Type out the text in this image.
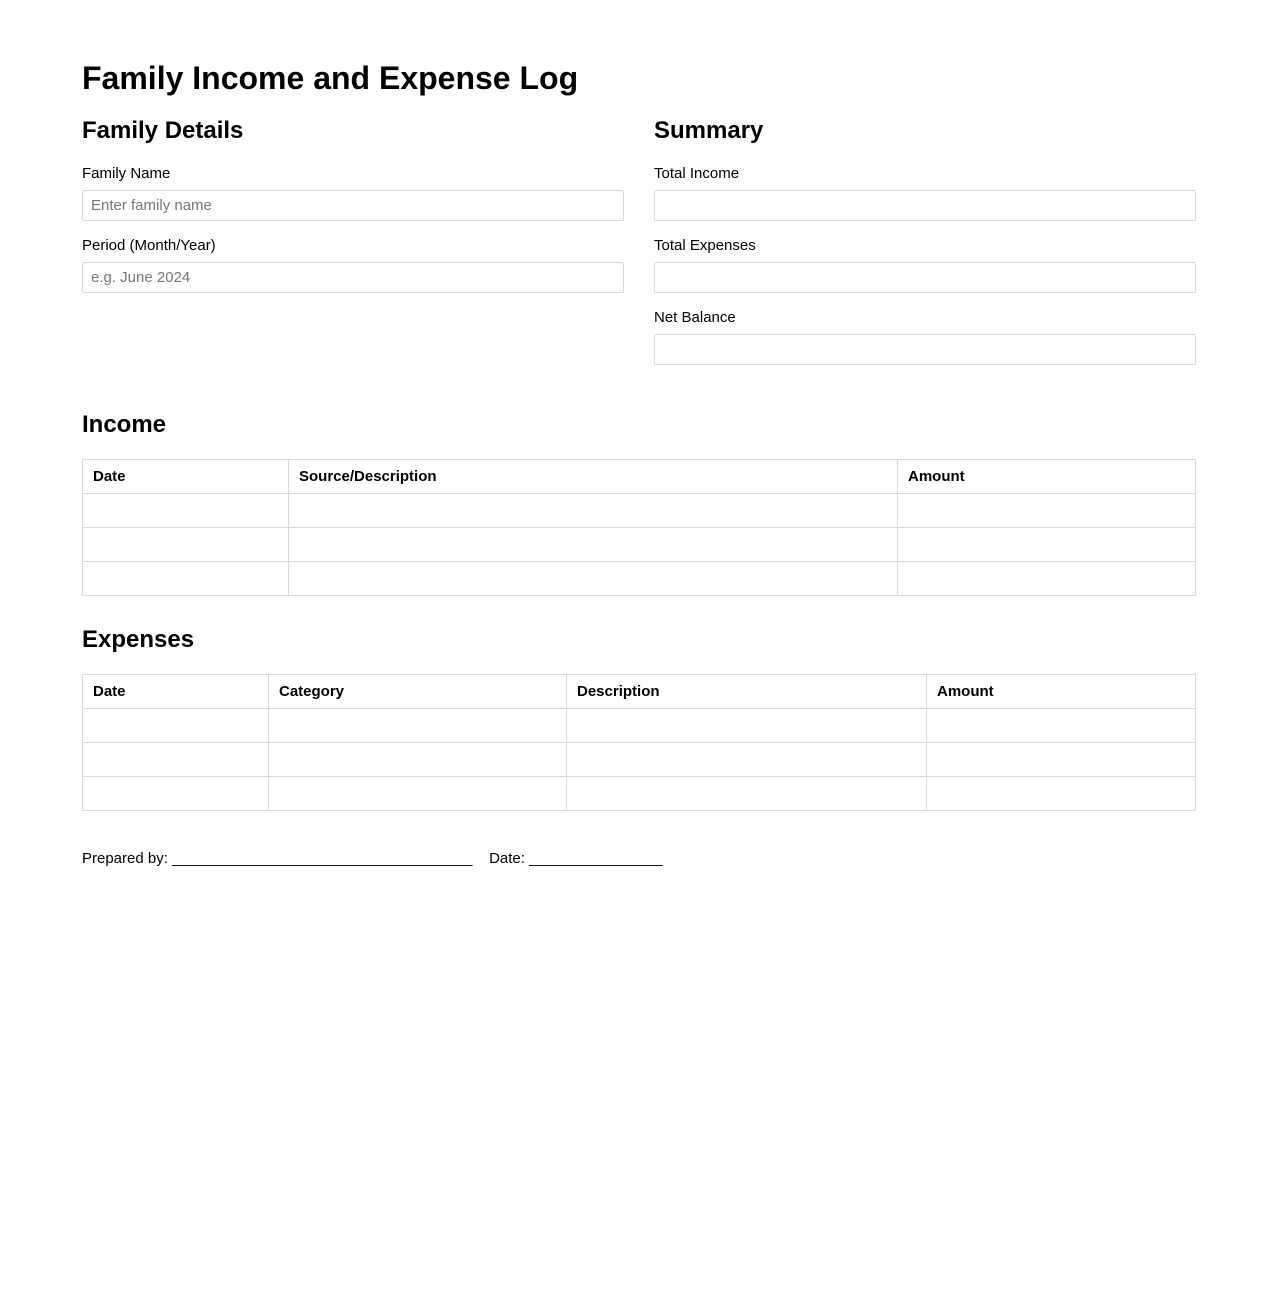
Family Income and Expense Log
Family Details
Family Name
Enter family name
Period (Month/Year)
e.g. June 2024
Summary
Total Income
Total Expenses
Net Balance
Income
Date	Source/Description	Amount

Expenses
Date	Category	Description	Amount

Prepared by: ____________________________________ Date: ________________
